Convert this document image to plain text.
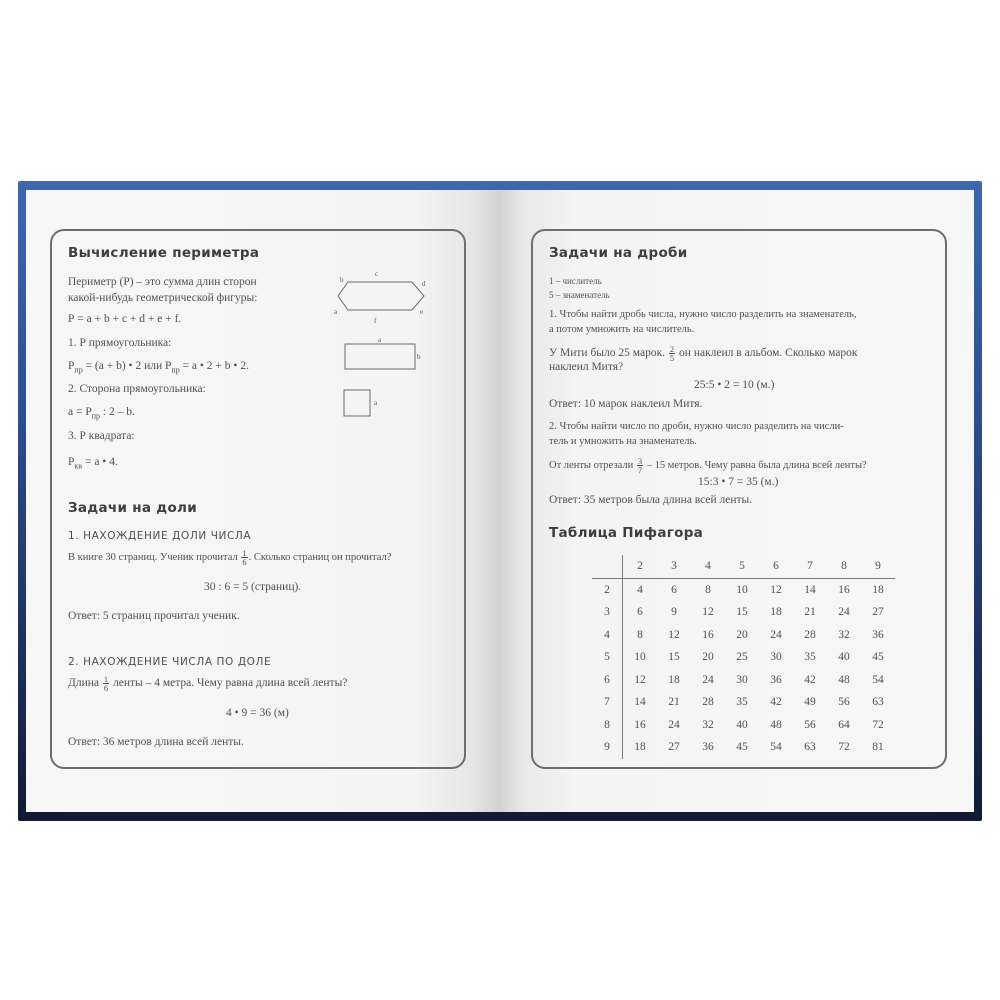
Вычисление периметра
Периметр (Р) – это сумма длин сторон
какой-нибудь геометрической фигуры:
Р = a + b + c + d + e + f.
1. Р прямоугольника:
$Р_{пр} = (a + b)$ • 2 или $Р_{пр} = a$ • 2 + b • 2.
2. Сторона прямоугольника:
$a = Р_{пр}$ : 2 – b.
3. Р квадрата:
$Р_{кв} = a$ • 4.
c
b	d
a	e
f
a
b
a
Задачи на доли
1. НАХОЖДЕНИЕ ДОЛИ ЧИСЛА
В книге 30 страниц. Ученик прочитал $\frac{1}{6}$ . Сколько страниц он прочитал?
30 : 6 = 5 (страниц).
Ответ: 5 страниц прочитал ученик.
2. НАХОЖДЕНИЕ ЧИСЛА ПО ДОЛЕ
Длина $\frac{1}{6}$ ленты – 4 метра. Чему равна длина всей ленты?
4 • 9 = 36 (м)
Ответ: 36 метров длина всей ленты.
Задачи на дроби
1 – числитель
5 – знаменатель
1. Чтобы найти дробь числа, нужно число разделить на знаменатель,
а потом умножить на числитель.
У Мити было 25 марок. $\frac{2}{5}$ он наклеил в альбом. Сколько марок
наклеил Митя?
25:5 • 2 = 10 (м.)
Ответ: 10 марок наклеил Митя.
2. Чтобы найти число по дроби, нужно число разделить на числи-
тель и умножить на знаменатель.
От ленты отрезали $\frac{3}{7} - 15$ метров. Чему равна была длина всей ленты?
15:3 • 7 = 35 (м.)
Ответ: 35 метров была длина всей ленты.
Таблица Пифагора
	2	3	4	5	6	7	8	9
2	4	6	8	10	12	14	16	18
3	6	9	12	15	18	21	24	27
4	8	12	16	20	24	28	32	36
5	10	15	20	25	30	35	40	45
6	12	18	24	30	36	42	48	54
7	14	21	28	35	42	49	56	63
8	16	24	32	40	48	56	64	72
9	18	27	36	45	54	63	72	81
